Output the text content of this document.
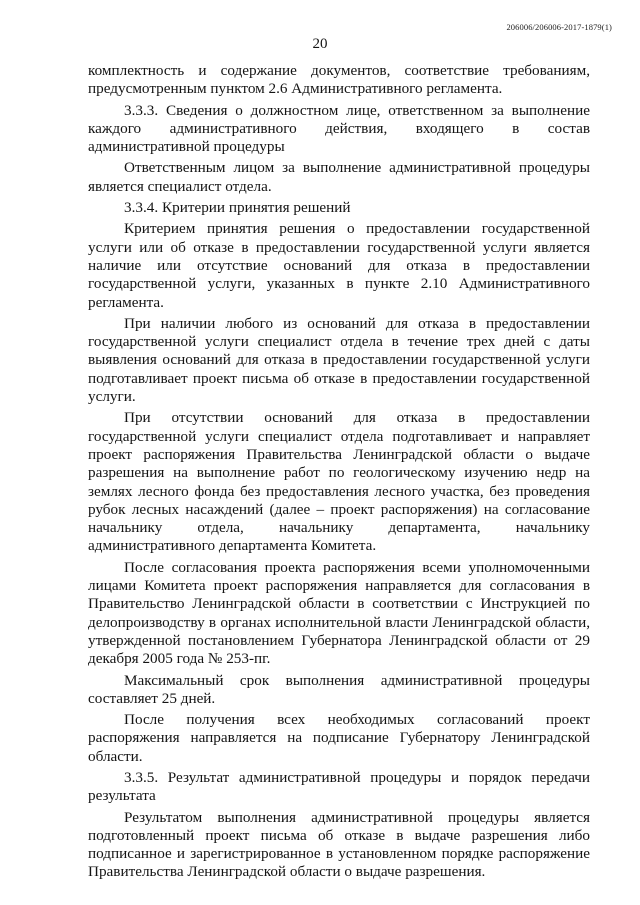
206006/206006-2017-1879(1)
20

комплектность и содержание документов, соответствие требованиям, предусмотренным пунктом 2.6 Административного регламента.

3.3.3. Сведения о должностном лице, ответственном за выполнение каждого административного действия, входящего в состав административной процедуры

Ответственным лицом за выполнение административной процедуры является специалист отдела.

3.3.4. Критерии принятия решений

Критерием принятия решения о предоставлении государственной услуги или об отказе в предоставлении государственной услуги является наличие или отсутствие оснований для отказа в предоставлении государственной услуги, указанных в пункте 2.10 Административного регламента.

При наличии любого из оснований для отказа в предоставлении государственной услуги специалист отдела в течение трех дней с даты выявления оснований для отказа в предоставлении государственной услуги подготавливает проект письма об отказе в предоставлении государственной услуги.

При отсутствии оснований для отказа в предоставлении государственной услуги специалист отдела подготавливает и направляет проект распоряжения Правительства Ленинградской области о выдаче разрешения на выполнение работ по геологическому изучению недр на землях лесного фонда без предоставления лесного участка, без проведения рубок лесных насаждений (далее – проект распоряжения) на согласование начальнику отдела, начальнику департамента, начальнику административного департамента Комитета.

После согласования проекта распоряжения всеми уполномоченными лицами Комитета проект распоряжения направляется для согласования в Правительство Ленинградской области в соответствии с Инструкцией по делопроизводству в органах исполнительной власти Ленинградской области, утвержденной постановлением Губернатора Ленинградской области от 29 декабря 2005 года № 253-пг.

Максимальный срок выполнения административной процедуры составляет 25 дней.

После получения всех необходимых согласований проект распоряжения направляется на подписание Губернатору Ленинградской области.

3.3.5. Результат административной процедуры и порядок передачи результата

Результатом выполнения административной процедуры является подготовленный проект письма об отказе в выдаче разрешения либо подписанное и зарегистрированное в установленном порядке распоряжение Правительства Ленинградской области о выдаче разрешения.
